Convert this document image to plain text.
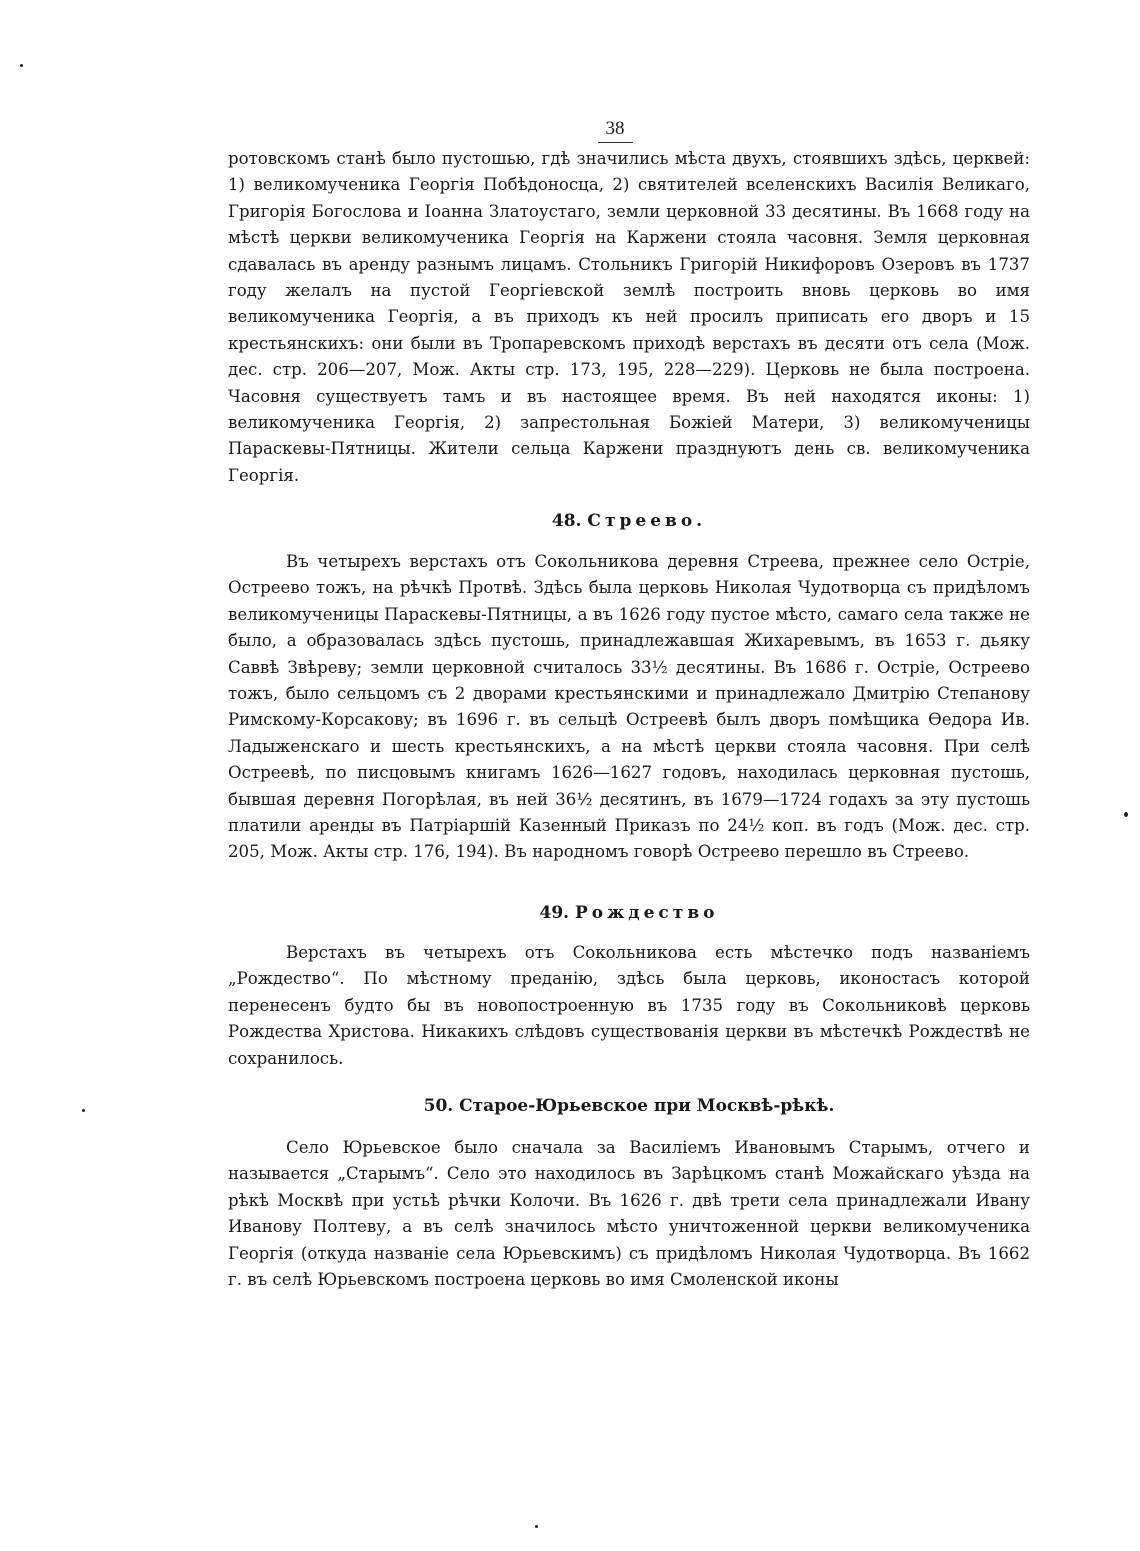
38

ротовскомъ станѣ было пустошью, гдѣ значились мѣста двухъ, стоявшихъ здѣсь, церквей: 1) великомученика Георгія Побѣдоносца, 2) святителей вселенскихъ Василія Великаго, Григорія Богослова и Іоанна Златоустаго, земли церковной 33 десятины. Въ 1668 году на мѣстѣ церкви великомученика Георгія на Каржени стояла часовня. Земля церковная сдавалась въ аренду разнымъ лицамъ. Стольникъ Григорій Никифоровъ Озеровъ въ 1737 году желалъ на пустой Георгіевской землѣ построить вновь церковь во имя великомученика Георгія, а въ приходъ къ ней просилъ приписать его дворъ и 15 крестьянскихъ: они были въ Тропаревскомъ приходѣ верстахъ въ десяти отъ села (Мож. дес. стр. 206—207, Мож. Акты стр. 173, 195, 228—229). Церковь не была построена. Часовня существуетъ тамъ и въ настоящее время. Въ ней находятся иконы: 1) великомученика Георгія, 2) запрестольная Божіей Матери, 3) великомученицы Параскевы-Пятницы. Жители сельца Каржени празднуютъ день св. великомученика Георгія.

48. Стреево.

Въ четырехъ верстахъ отъ Сокольникова деревня Стреева, прежнее село Остріе, Остреево тожъ, на рѣчкѣ Протвѣ. Здѣсь была церковь Николая Чудотворца съ придѣломъ великомученицы Параскевы-Пятницы, а въ 1626 году пустое мѣсто, самаго села также не было, а образовалась здѣсь пустошь, принадлежавшая Жихаревымъ, въ 1653 г. дьяку Саввѣ Звѣреву; земли церковной считалось 33½ десятины. Въ 1686 г. Остріе, Остреево тожъ, было сельцомъ съ 2 дворами крестьянскими и принадлежало Дмитрію Степанову Римскому-Корсакову; въ 1696 г. въ сельцѣ Остреевѣ былъ дворъ помѣщика Ѳедора Ив. Ладыженскаго и шесть крестьянскихъ, а на мѣстѣ церкви стояла часовня. При селѣ Остреевѣ, по писцовымъ книгамъ 1626—1627 годовъ, находилась церковная пустошь, бывшая деревня Погорѣлая, въ ней 36½ десятинъ, въ 1679—1724 годахъ за эту пустошь платили аренды въ Патріаршій Казенный Приказъ по 24½ коп. въ годъ (Мож. дес. стр. 205, Мож. Акты стр. 176, 194). Въ народномъ говорѣ Остреево перешло въ Стреево.

49. Рождество

Верстахъ въ четырехъ отъ Сокольникова есть мѣстечко подъ названіемъ „Рождество“. По мѣстному преданію, здѣсь была церковь, иконостасъ которой перенесенъ будто бы въ новопостроенную въ 1735 году въ Сокольниковѣ церковь Рождества Христова. Никакихъ слѣдовъ существованія церкви въ мѣстечкѣ Рождествѣ не сохранилось.

50. Старое-Юрьевское при Москвѣ-рѣкѣ.

Село Юрьевское было сначала за Василіемъ Ивановымъ Старымъ, отчего и называется „Старымъ“. Село это находилось въ Зарѣцкомъ станѣ Можайскаго уѣзда на рѣкѣ Москвѣ при устьѣ рѣчки Колочи. Въ 1626 г. двѣ трети села принадлежали Ивану Иванову Полтеву, а въ селѣ значилось мѣсто уничтоженной церкви великомученика Георгія (откуда названіе села Юрьевскимъ) съ придѣломъ Николая Чудотворца. Въ 1662 г. въ селѣ Юрьевскомъ построена церковь во имя Смоленской иконы
